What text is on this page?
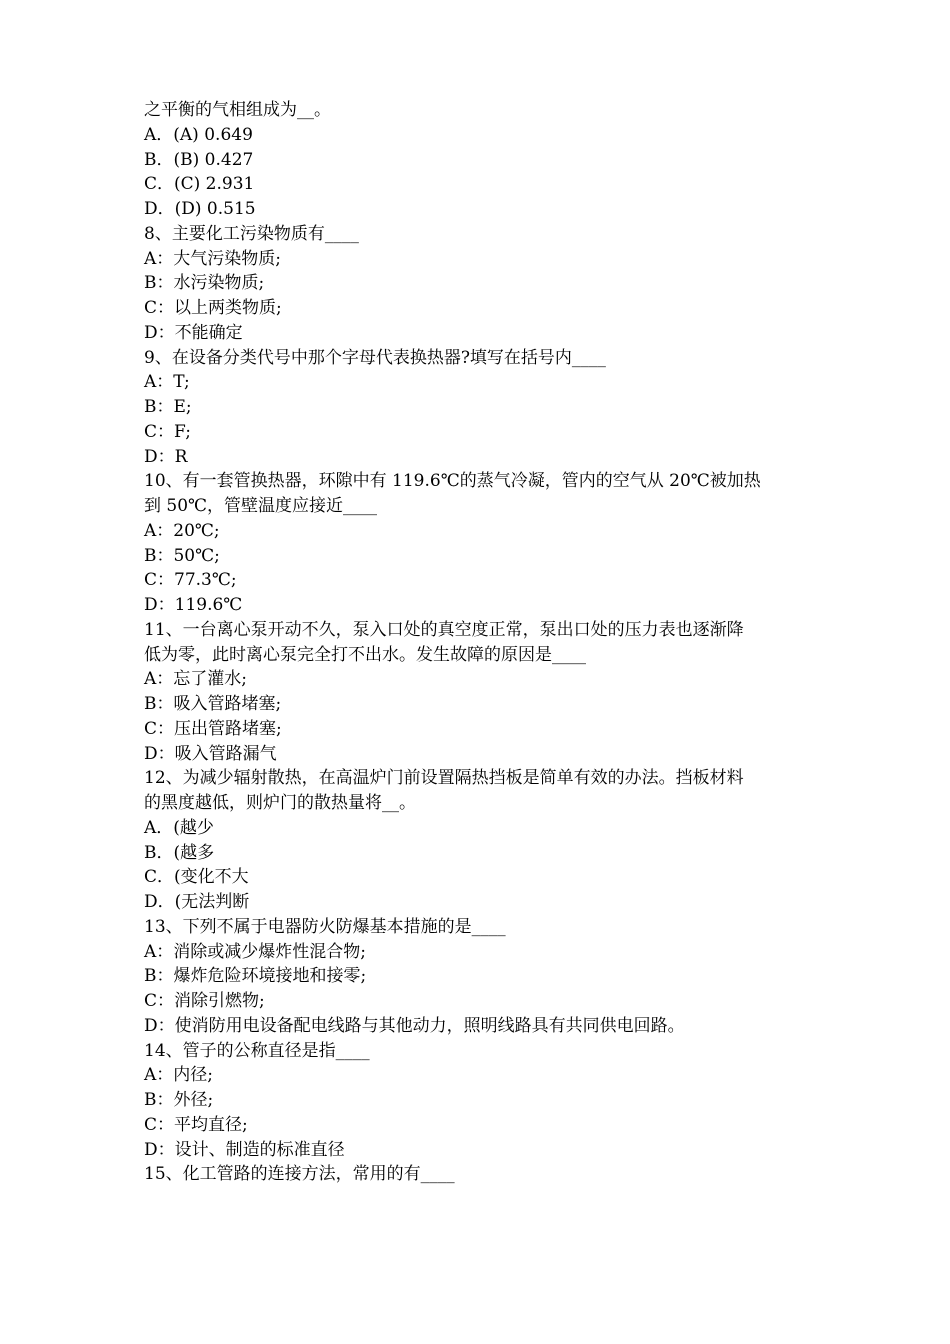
之平衡的气相组成为__。
A．(A) 0.649
B．(B) 0.427
C．(C) 2.931
D．(D) 0.515
8、主要化工污染物质有____
A：大气污染物质;
B：水污染物质;
C：以上两类物质;
D：不能确定
9、在设备分类代号中那个字母代表换热器?填写在括号内____
A：T;
B：E;
C：F;
D：R
10、有一套管换热器，环隙中有 119.6℃的蒸气冷凝，管内的空气从 20℃被加热
到 50℃，管壁温度应接近____
A：20℃;
B：50℃;
C：77.3℃;
D：119.6℃
11、一台离心泵开动不久，泵入口处的真空度正常，泵出口处的压力表也逐渐降
低为零，此时离心泵完全打不出水。发生故障的原因是____
A：忘了灌水;
B：吸入管路堵塞;
C：压出管路堵塞;
D：吸入管路漏气
12、为减少辐射散热，在高温炉门前设置隔热挡板是简单有效的办法。挡板材料
的黑度越低，则炉门的散热量将__。
A．(越少
B．(越多
C．(变化不大
D．(无法判断
13、下列不属于电器防火防爆基本措施的是____
A：消除或减少爆炸性混合物;
B：爆炸危险环境接地和接零;
C：消除引燃物;
D：使消防用电设备配电线路与其他动力，照明线路具有共同供电回路。
14、管子的公称直径是指____
A：内径;
B：外径;
C：平均直径;
D：设计、制造的标准直径
15、化工管路的连接方法，常用的有____
